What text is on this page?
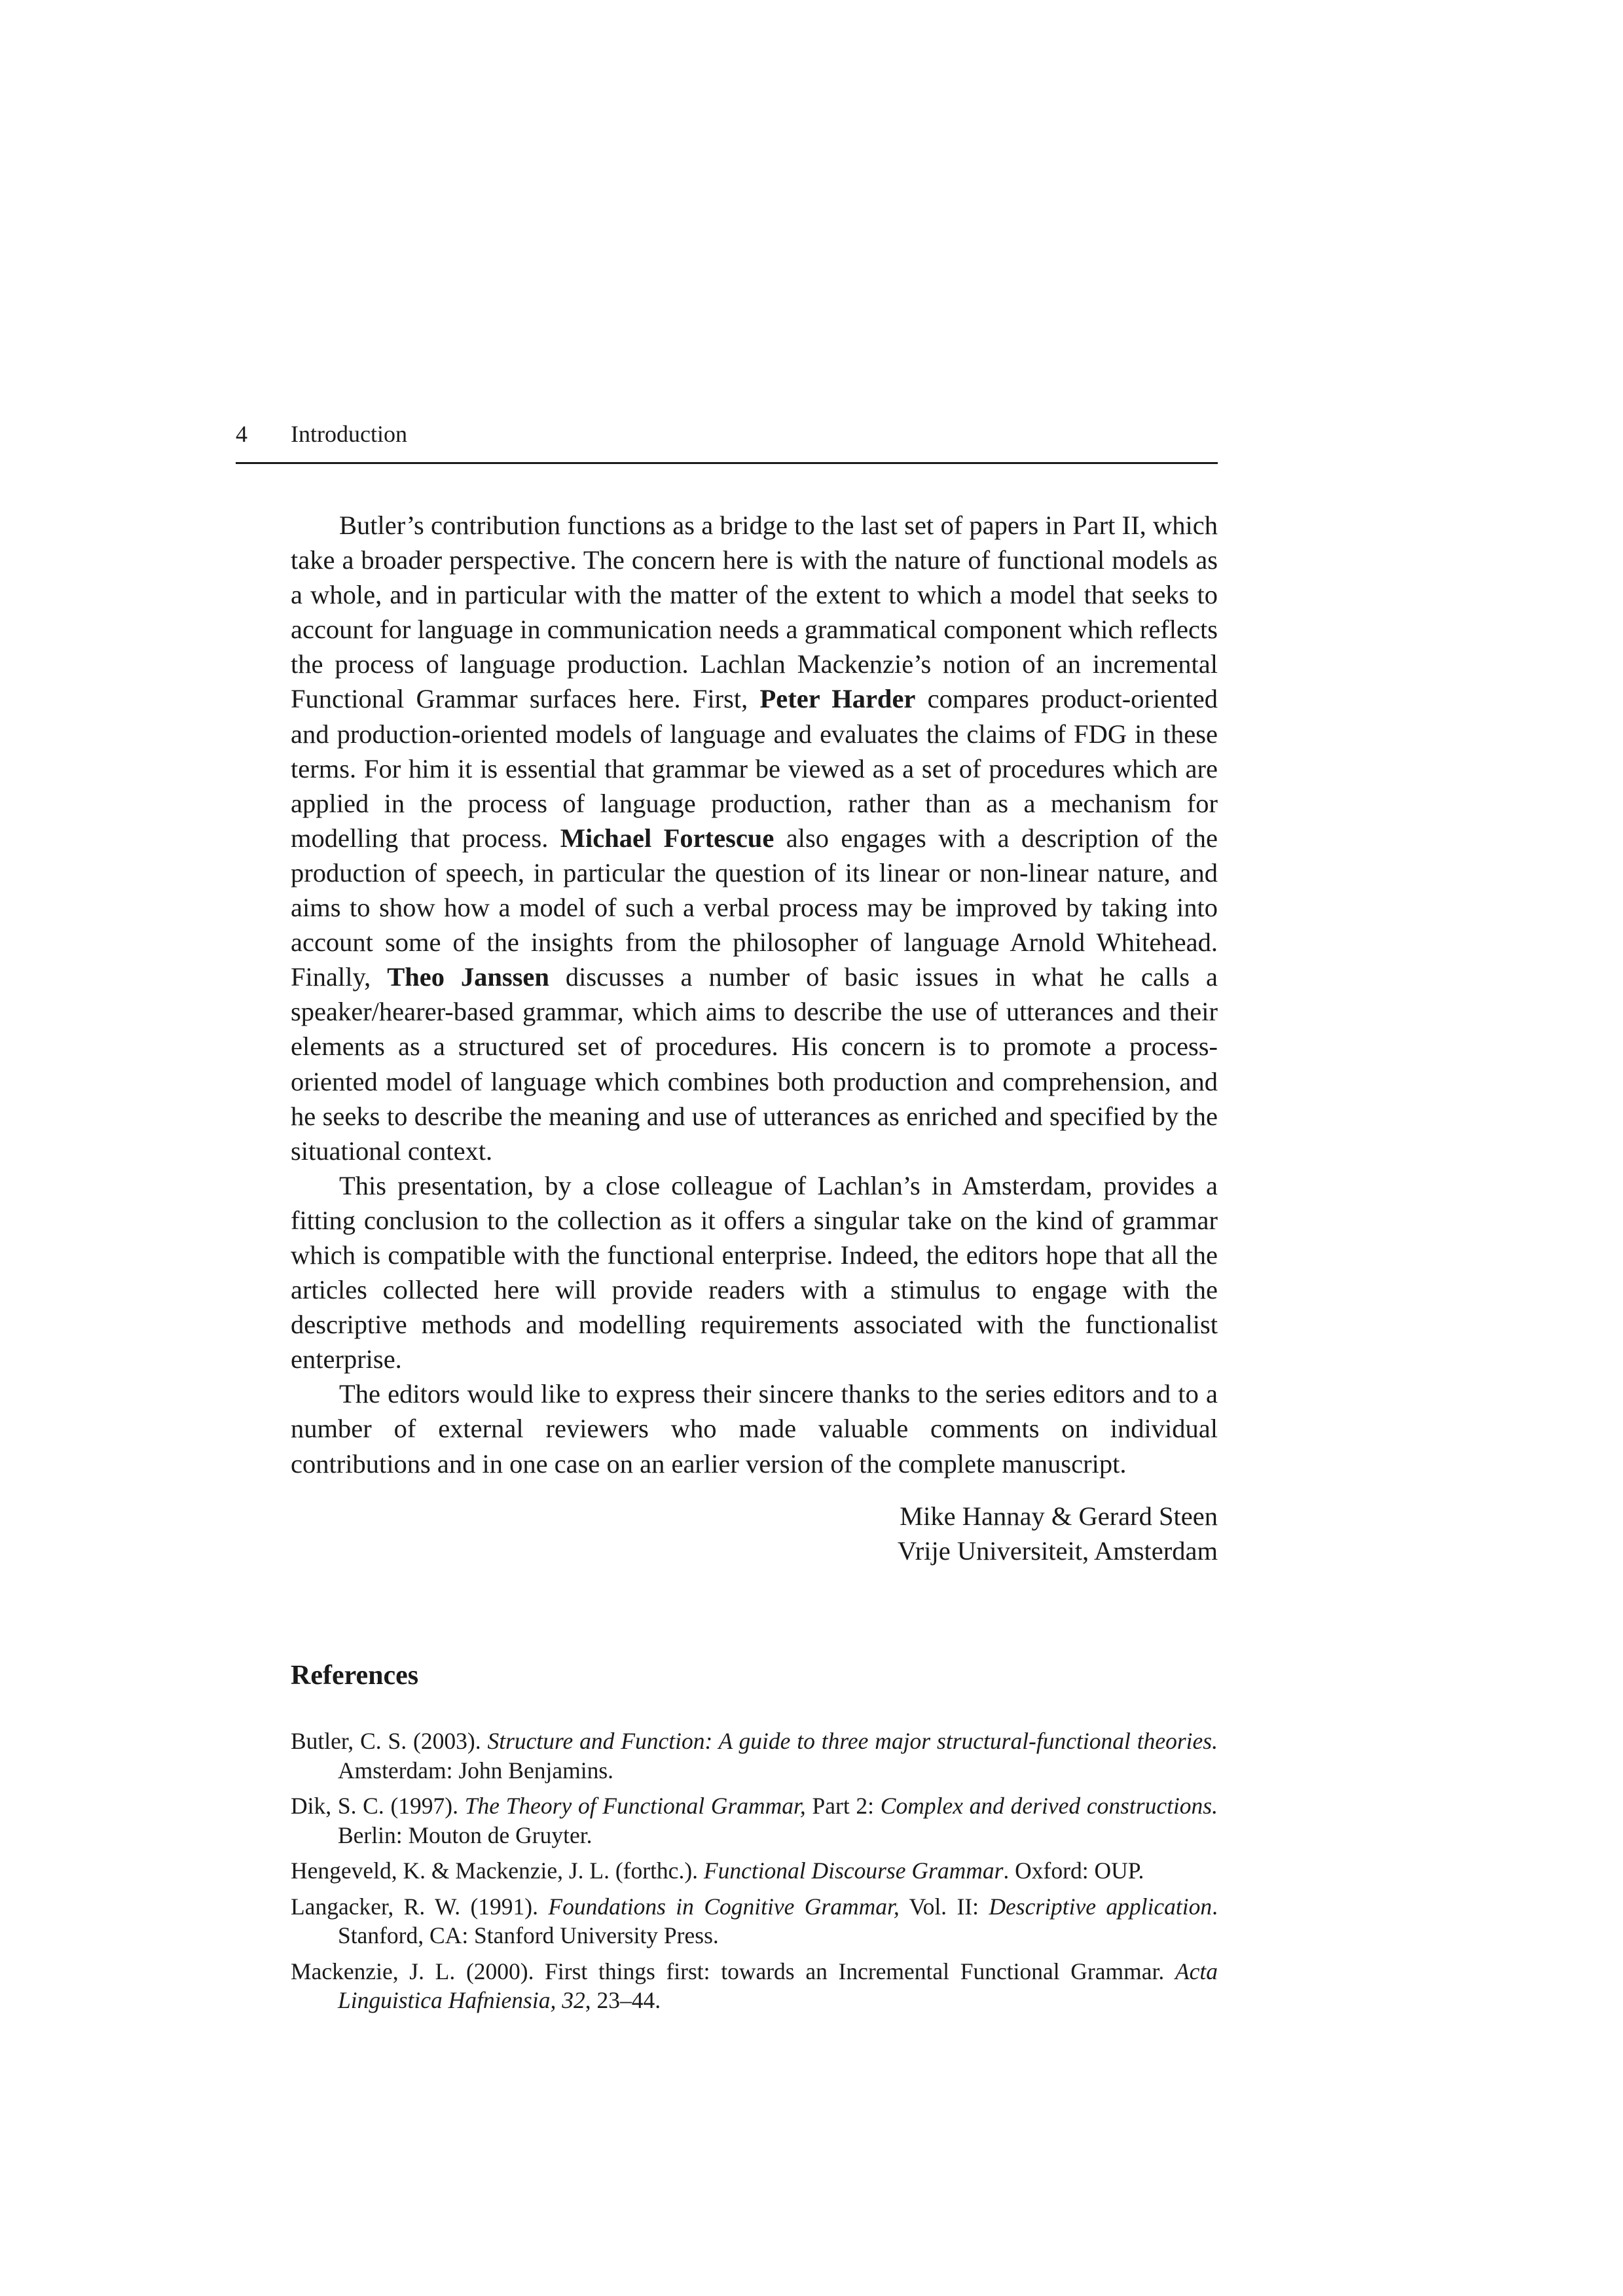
4 Introduction

Butler’s contribution functions as a bridge to the last set of papers in Part II, which take a broader perspective. The concern here is with the nature of functional models as a whole, and in particular with the matter of the extent to which a model that seeks to account for language in communication needs a grammatical component which reflects the process of language production. Lachlan Mackenzie’s notion of an incremental Functional Grammar surfaces here. First, Peter Harder compares product-oriented and production-oriented models of language and evaluates the claims of FDG in these terms. For him it is essential that grammar be viewed as a set of procedures which are applied in the process of language production, rather than as a mechanism for modelling that process. Michael Fortescue also engages with a description of the production of speech, in particular the question of its linear or non-linear nature, and aims to show how a model of such a verbal process may be improved by taking into account some of the insights from the philosopher of language Arnold Whitehead. Finally, Theo Janssen discusses a number of basic issues in what he calls a speaker/hearer-based grammar, which aims to describe the use of utterances and their elements as a structured set of procedures. His concern is to promote a process-oriented model of language which combines both production and comprehension, and he seeks to describe the meaning and use of utterances as enriched and specified by the situational context.

This presentation, by a close colleague of Lachlan’s in Amsterdam, provides a fitting conclusion to the collection as it offers a singular take on the kind of grammar which is compatible with the functional enterprise. Indeed, the editors hope that all the articles collected here will provide readers with a stimulus to engage with the descriptive methods and modelling requirements associated with the functionalist enterprise.

The editors would like to express their sincere thanks to the series editors and to a number of external reviewers who made valuable comments on individual contributions and in one case on an earlier version of the complete manuscript.

Mike Hannay & Gerard Steen
Vrije Universiteit, Amsterdam
References
Butler, C. S. (2003). Structure and Function: A guide to three major structural-functional theories. Amsterdam: John Benjamins.
Dik, S. C. (1997). The Theory of Functional Grammar, Part 2: Complex and derived constructions. Berlin: Mouton de Gruyter.
Hengeveld, K. & Mackenzie, J. L. (forthc.). Functional Discourse Grammar. Oxford: OUP.
Langacker, R. W. (1991). Foundations in Cognitive Grammar, Vol. II: Descriptive application. Stanford, CA: Stanford University Press.
Mackenzie, J. L. (2000). First things first: towards an Incremental Functional Grammar. Acta Linguistica Hafniensia, 32, 23–44.
